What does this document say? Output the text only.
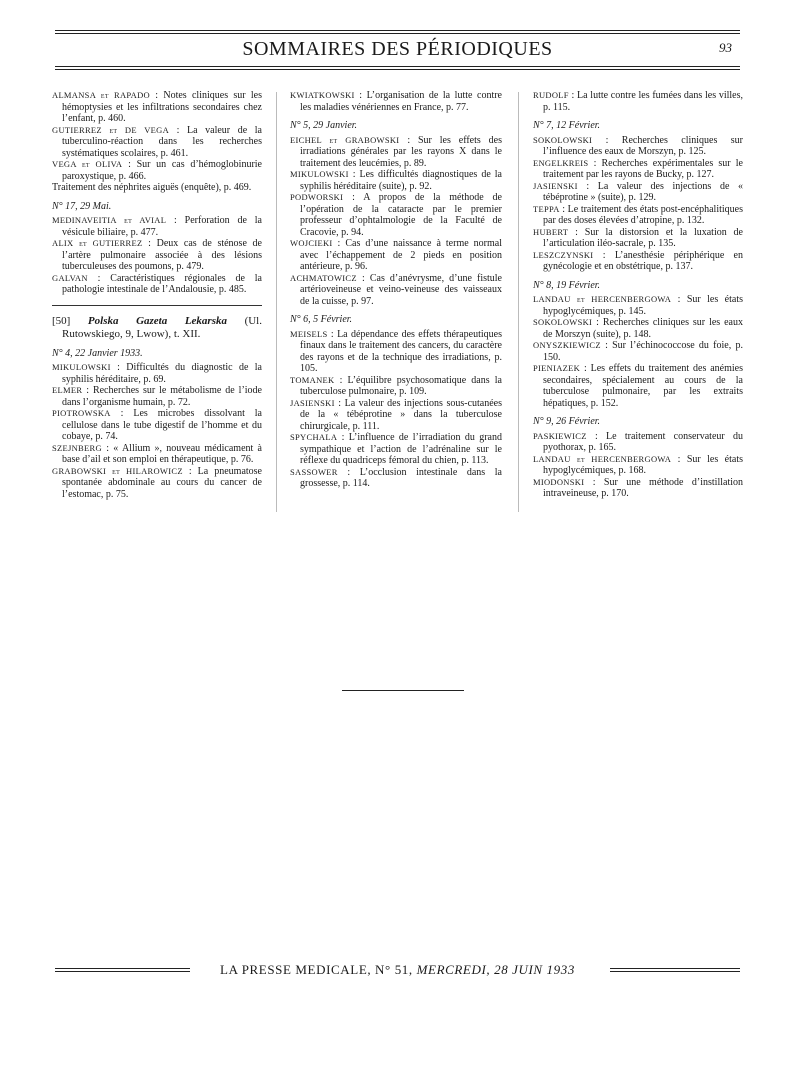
SOMMAIRES DES PÉRIODIQUES	93
ALMANSA et RAPADO : Notes cliniques sur les hémoptysies et les infiltrations secondaires chez l’enfant, p. 460.
GUTIERREZ et DE VEGA : La valeur de la tuberculino-réaction dans les recherches systématiques scolaires, p. 461.
VEGA et OLIVA : Sur un cas d’hémoglobinurie paroxystique, p. 466.
Traitement des néphrites aiguës (enquête), p. 469.
N° 17, 29 Mai.
MEDINAVEITIA et AVIAL : Perforation de la vésicule biliaire, p. 477.
ALIX et GUTIERREZ : Deux cas de sténose de l’artère pulmonaire associée à des lésions tuberculeuses des poumons, p. 479.
GALVAN : Caractéristiques régionales de la pathologie intestinale de l’Andalousie, p. 485.
[50] Polska Gazeta Lekarska (Ul. Rutowskiego, 9, Lwow), t. XII.
N° 4, 22 Janvier 1933.
MIKULOWSKI : Difficultés du diagnostic de la syphilis héréditaire, p. 69.
ELMER : Recherches sur le métabolisme de l’iode dans l’organisme humain, p. 72.
PIOTROWSKA : Les microbes dissolvant la cellulose dans le tube digestif de l’homme et du cobaye, p. 74.
SZEJNBERG : « Allium », nouveau médicament à base d’ail et son emploi en thérapeutique, p. 76.
GRABOWSKI et HILAROWICZ : La pneumatose spontanée abdominale au cours du cancer de l’estomac, p. 75.
KWIATKOWSKI : L’organisation de la lutte contre les maladies vénériennes en France, p. 77.
N° 5, 29 Janvier.
EICHEL et GRABOWSKI : Sur les effets des irradiations générales par les rayons X dans le traitement des leucémies, p. 89.
MIKULOWSKI : Les difficultés diagnostiques de la syphilis héréditaire (suite), p. 92.
PODWORSKI : A propos de la méthode de l’opération de la cataracte par le premier professeur d’ophtalmologie de la Faculté de Cracovie, p. 94.
WOJCIEKI : Cas d’une naissance à terme normal avec l’échappement de 2 pieds en position antérieure, p. 96.
ACHMATOWICZ : Cas d’anévrysme, d’une fistule artérioveineuse et veino-veineuse des vaisseaux de la cuisse, p. 97.
N° 6, 5 Février.
MEISELS : La dépendance des effets thérapeutiques finaux dans le traitement des cancers, du caractère des rayons et de la technique des irradiations, p. 105.
TOMANEK : L’équilibre psychosomatique dans la tuberculose pulmonaire, p. 109.
JASIENSKI : La valeur des injections sous-cutanées de la « tébéprotine » dans la tuberculose chirurgicale, p. 111.
SPYCHALA : L’influence de l’irradiation du grand sympathique et l’action de l’adrénaline sur le réflexe du quadriceps fémoral du chien, p. 113.
SASSOWER : L’occlusion intestinale dans la grossesse, p. 114.
RUDOLF : La lutte contre les fumées dans les villes, p. 115.
N° 7, 12 Février.
SOKOLOWSKI : Recherches cliniques sur l’influence des eaux de Morszyn, p. 125.
ENGELKREIS : Recherches expérimentales sur le traitement par les rayons de Bucky, p. 127.
JASIENSKI : La valeur des injections de « tébéprotine » (suite), p. 129.
TEPPA : Le traitement des états post-encéphalitiques par des doses élevées d’atropine, p. 132.
HUBERT : Sur la distorsion et la luxation de l’articulation iléo-sacrale, p. 135.
LESZCZYNSKI : L’anesthésie périphérique en gynécologie et en obstétrique, p. 137.
N° 8, 19 Février.
LANDAU et HERCENBERGOWA : Sur les états hypoglycémiques, p. 145.
SOKOLOWSKI : Recherches cliniques sur les eaux de Morszyn (suite), p. 148.
ONYSZKIEWICZ : Sur l’échinococcose du foie, p. 150.
PIENIAZEK : Les effets du traitement des anémies secondaires, spécialement au cours de la tuberculose pulmonaire, par les extraits hépatiques, p. 152.
N° 9, 26 Février.
PASKIEWICZ : Le traitement conservateur du pyothorax, p. 165.
LANDAU et HERCENBERGOWA : Sur les états hypoglycémiques, p. 168.
MIODONSKI : Sur une méthode d’instillation intraveineuse, p. 170.
LA PRESSE MEDICALE, N° 51, MERCREDI, 28 JUIN 1933
